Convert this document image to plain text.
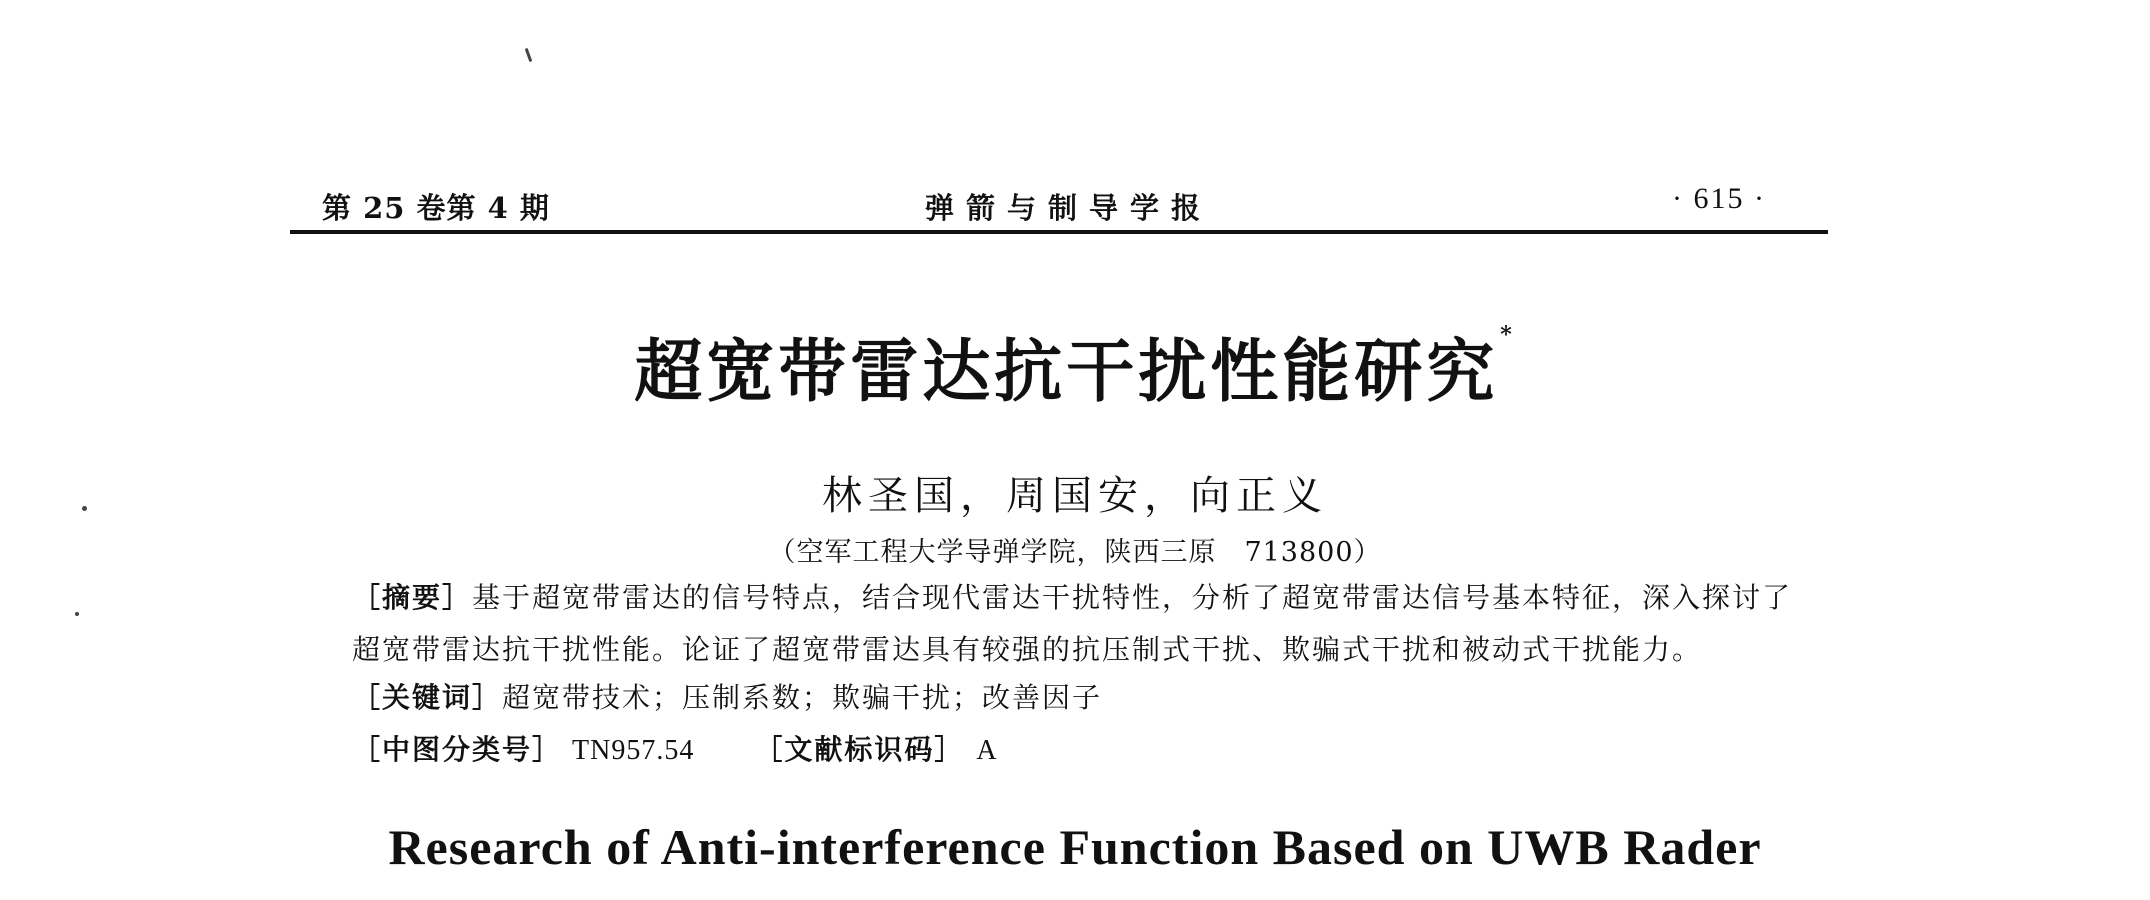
第 25 卷第 4 期	弹箭与制导学报	· 615 ·
超宽带雷达抗干扰性能研究*
林圣国，周国安，向正义
（空军工程大学导弹学院，陕西三原　713800）
［摘要］基于超宽带雷达的信号特点，结合现代雷达干扰特性，分析了超宽带雷达信号基本特征，深入探讨了
超宽带雷达抗干扰性能。论证了超宽带雷达具有较强的抗压制式干扰、欺骗式干扰和被动式干扰能力。
［关键词］超宽带技术；压制系数；欺骗干扰；改善因子
［中图分类号］ TN957.54 ［文献标识码］ A
Research of Anti-interference Function Based on UWB Rader
